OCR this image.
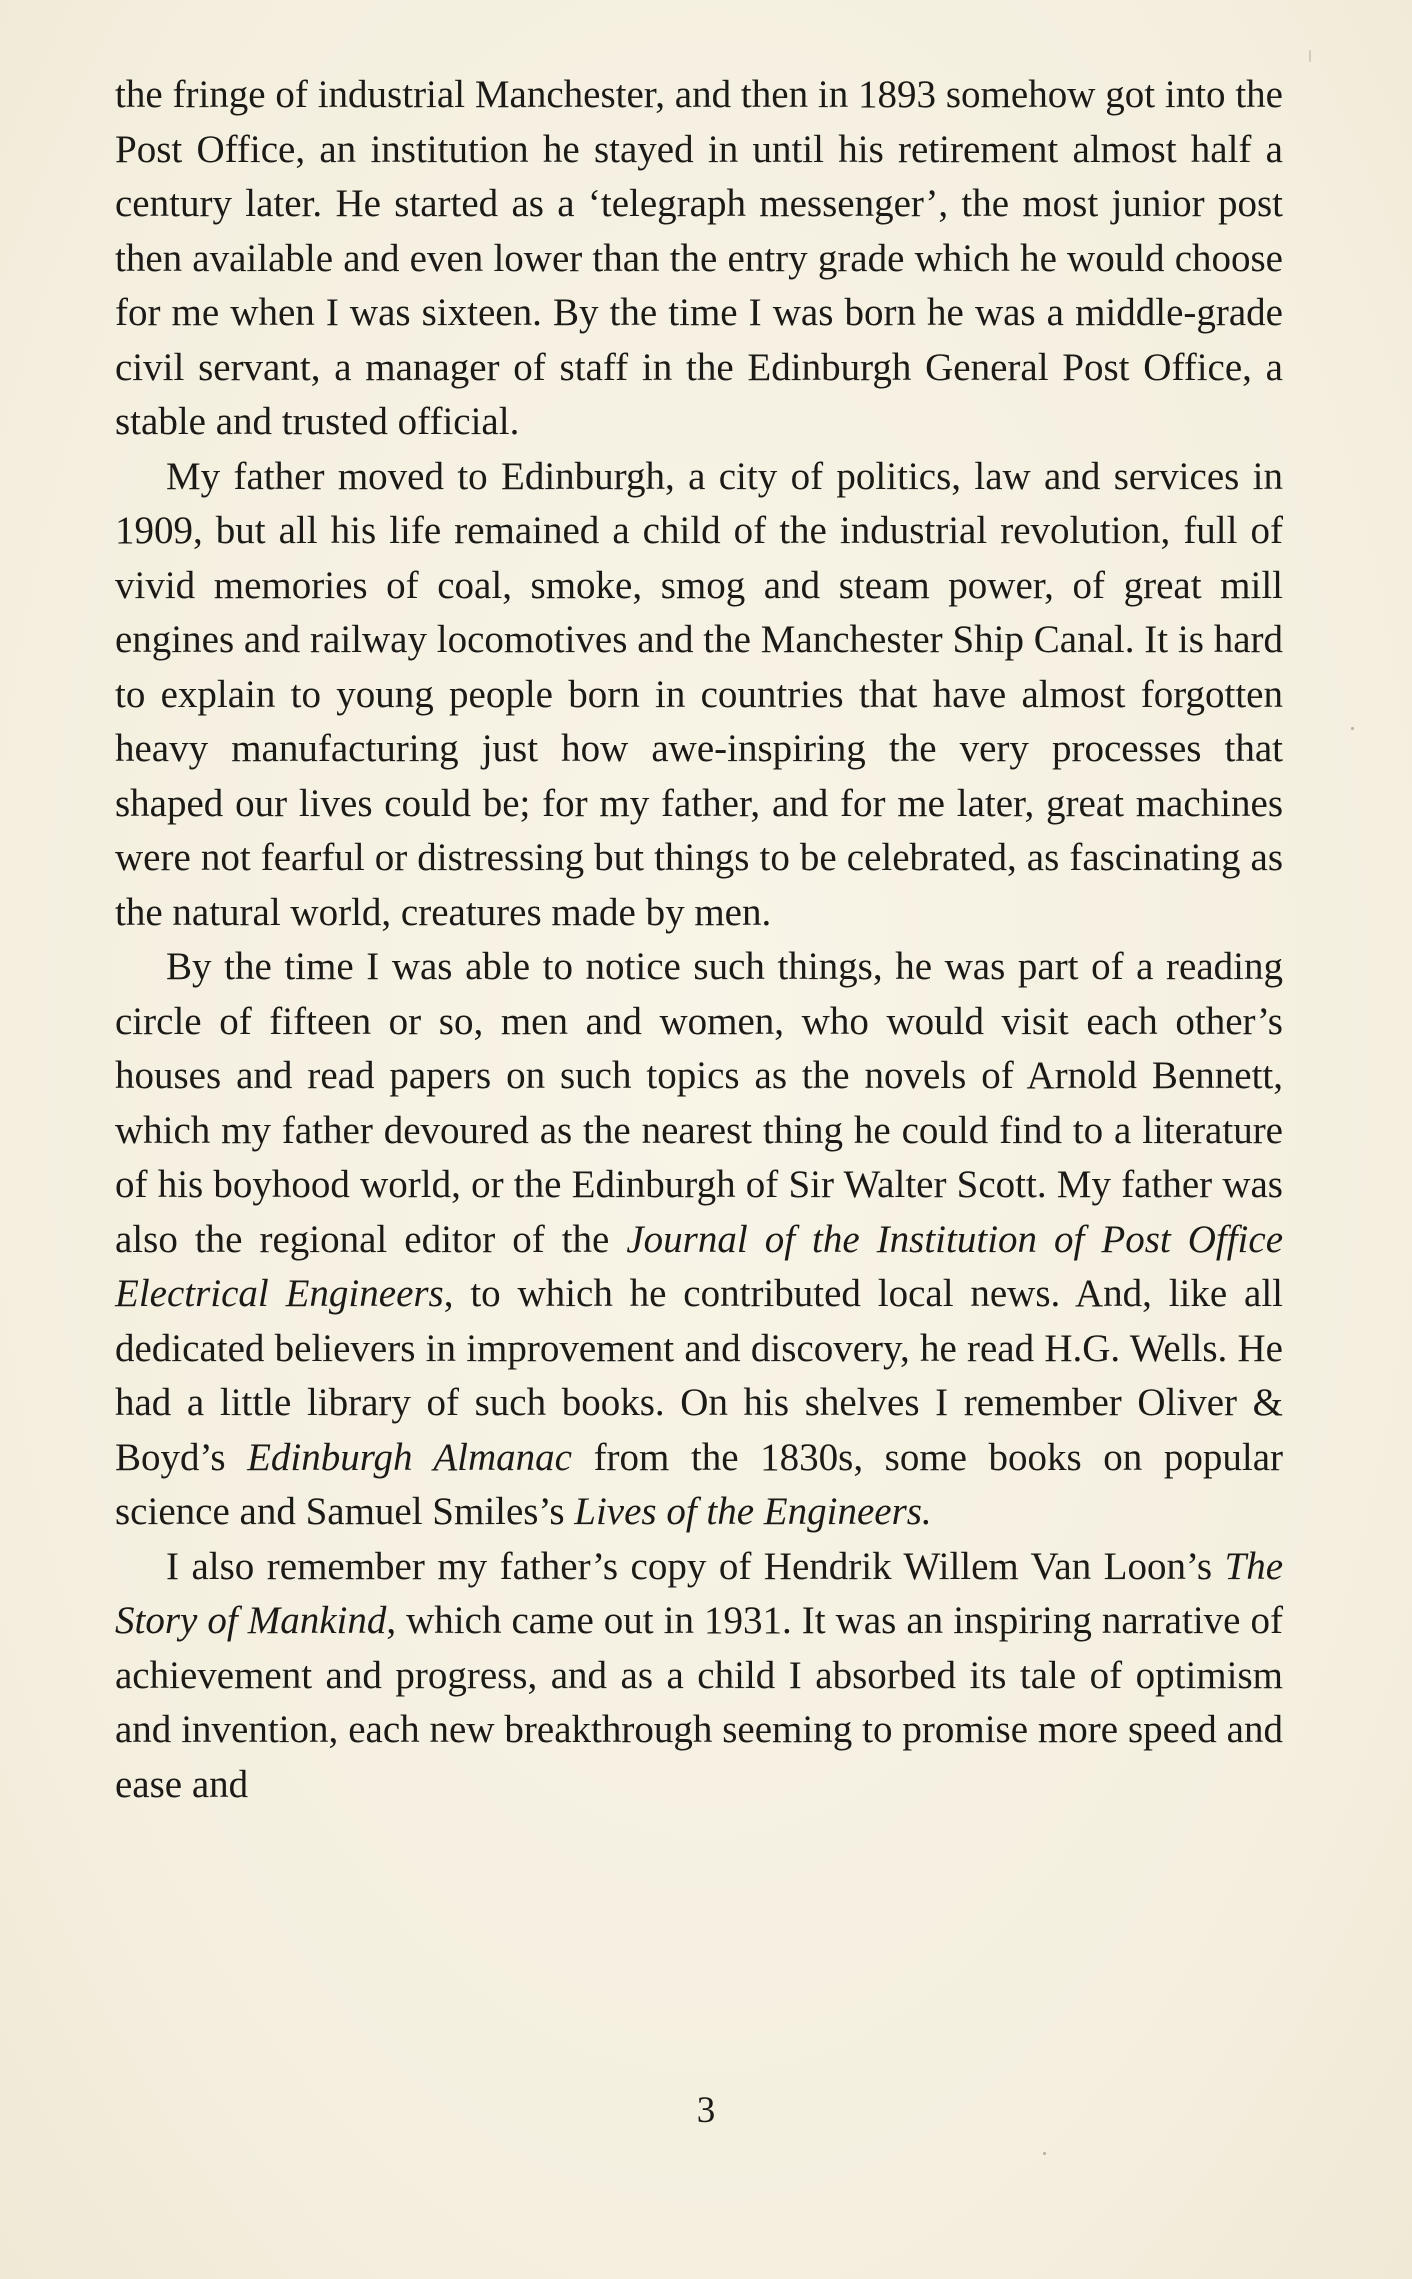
the fringe of industrial Manchester, and then in 1893 somehow got into the Post Office, an institution he stayed in until his retirement almost half a century later. He started as a ‘telegraph messenger’, the most junior post then available and even lower than the entry grade which he would choose for me when I was sixteen. By the time I was born he was a middle-grade civil servant, a manager of staff in the Edinburgh General Post Office, a stable and trusted official.

My father moved to Edinburgh, a city of politics, law and services in 1909, but all his life remained a child of the industrial revolution, full of vivid memories of coal, smoke, smog and steam power, of great mill engines and railway locomotives and the Manchester Ship Canal. It is hard to explain to young people born in countries that have almost forgotten heavy manufacturing just how awe-inspiring the very processes that shaped our lives could be; for my father, and for me later, great machines were not fearful or distressing but things to be celebrated, as fascinating as the natural world, creatures made by men.

By the time I was able to notice such things, he was part of a reading circle of fifteen or so, men and women, who would visit each other’s houses and read papers on such topics as the novels of Arnold Bennett, which my father devoured as the nearest thing he could find to a literature of his boyhood world, or the Edinburgh of Sir Walter Scott. My father was also the regional editor of the Journal of the Institution of Post Office Electrical Engineers, to which he contributed local news. And, like all dedicated believers in improvement and discovery, he read H.G. Wells. He had a little library of such books. On his shelves I remember Oliver & Boyd’s Edinburgh Almanac from the 1830s, some books on popular science and Samuel Smiles’s Lives of the Engineers.

I also remember my father’s copy of Hendrik Willem Van Loon’s The Story of Mankind, which came out in 1931. It was an inspiring narrative of achievement and progress, and as a child I absorbed its tale of optimism and invention, each new breakthrough seeming to promise more speed and ease and

3
